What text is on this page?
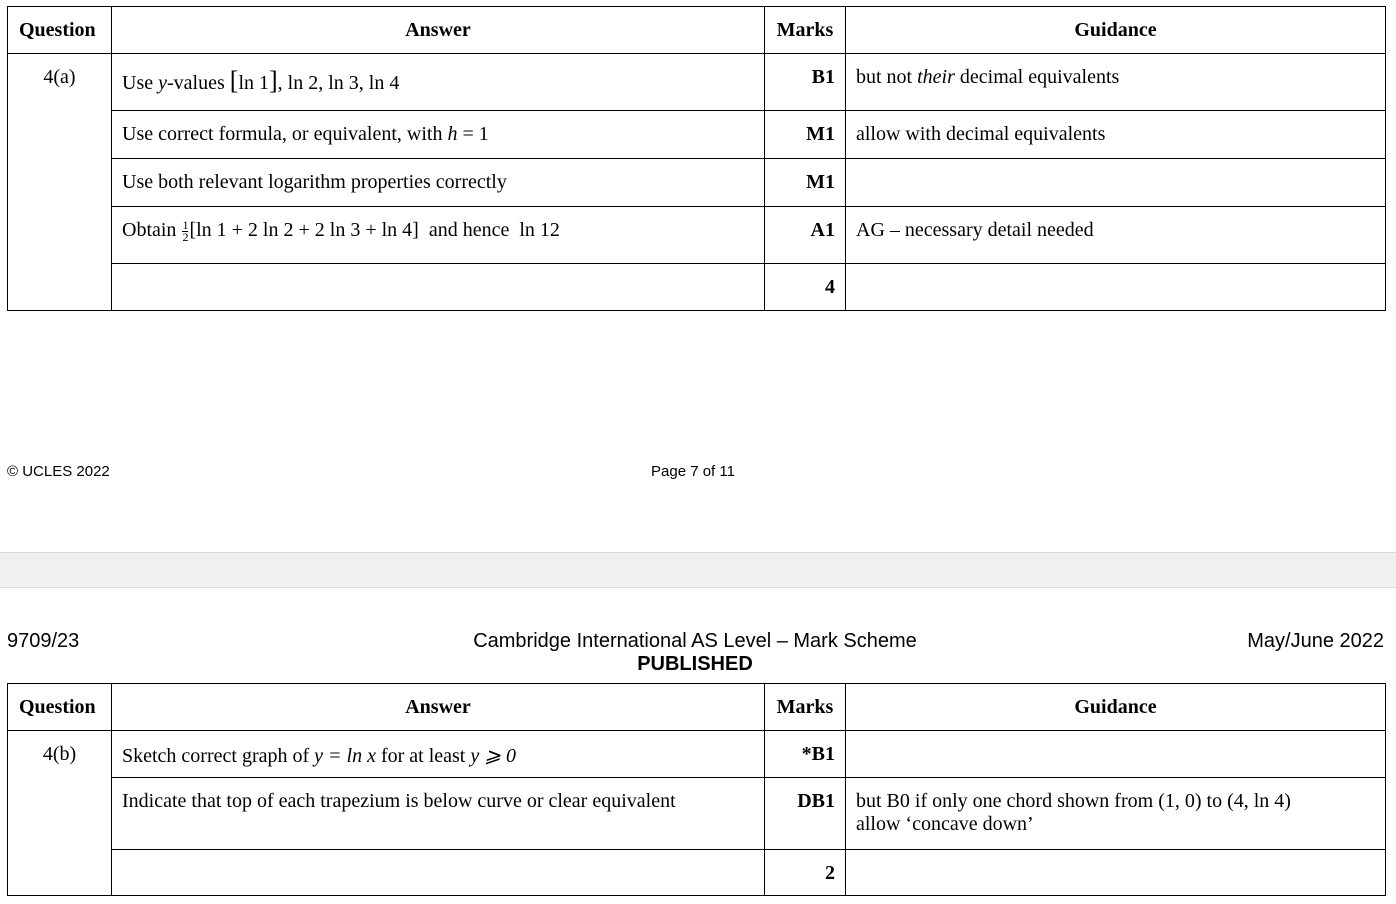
Question	Answer	Marks	Guidance
4(a)	Use y-values [ln 1], ln 2, ln 3, ln 4	B1	but not their decimal equivalents
	Use correct formula, or equivalent, with h = 1	M1	allow with decimal equivalents
	Use both relevant logarithm properties correctly	M1	
	Obtain $\frac{1}{2} [\ln$ 1 + 2 ln 2 + 2 ln 3 + ln 4]  and hence  ln 12	A1	AG – necessary detail needed
		4	
© UCLES 2022	Page 7 of 11
9709/23	Cambridge International AS Level – Mark Scheme
PUBLISHED
May/June 2022
Question	Answer	Marks	Guidance
4(b)	Sketch correct graph of y = ln x for at least y ⩾ 0	*B1	
	Indicate that top of each trapezium is below curve or clear equivalent	DB1	but B0 if only one chord shown from (1, 0) to (4, ln 4)
allow ‘concave down’

		2	
